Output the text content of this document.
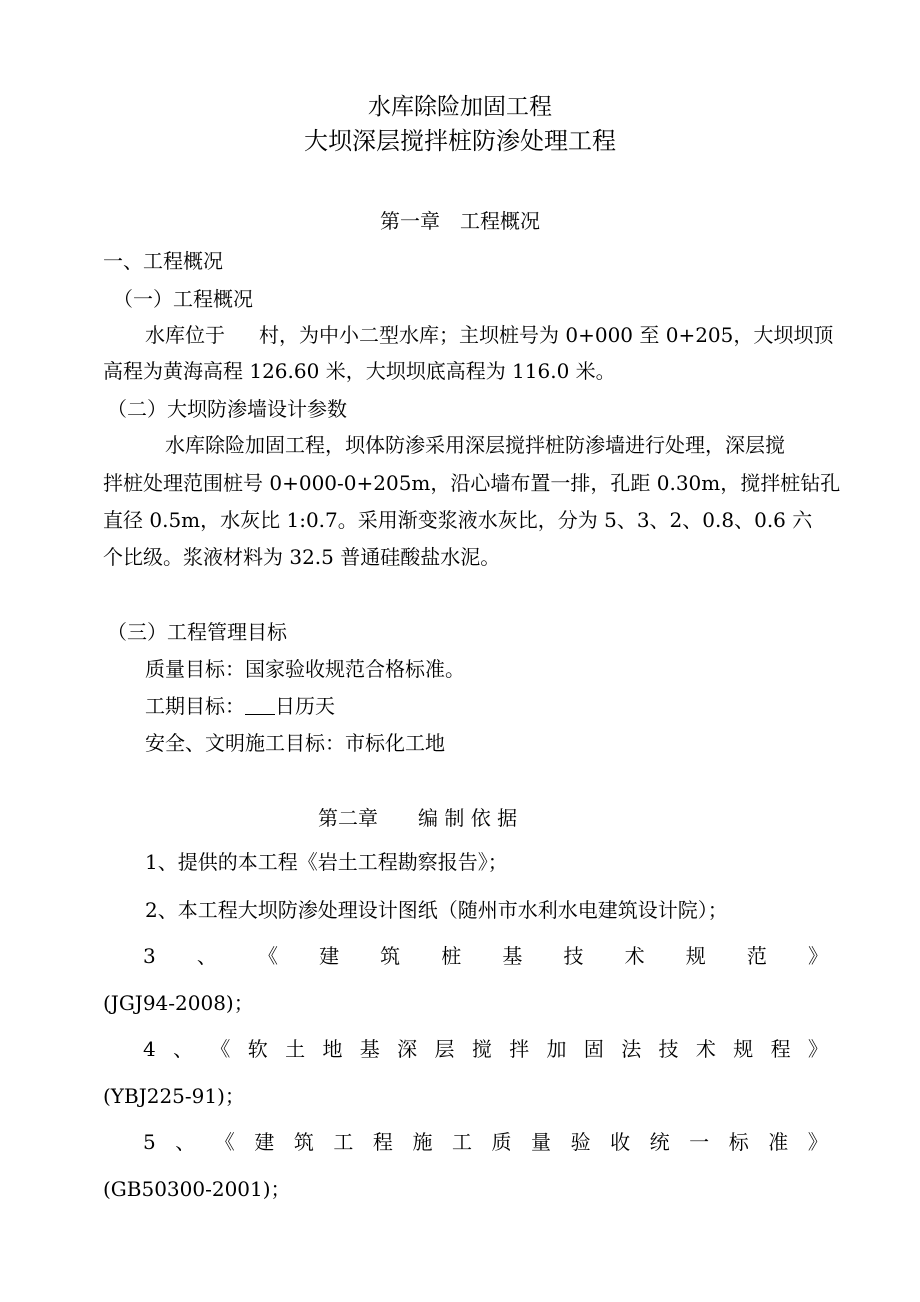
水库除险加固工程
大坝深层搅拌桩防渗处理工程
第一章　工程概况
一、工程概况
（一）工程概况
水库位于 村，为中小二型水库；主坝桩号为 0+000 至 0+205，大坝坝顶
高程为黄海高程 126.60 米，大坝坝底高程为 116.0 米。
（二）大坝防渗墙设计参数
水库除险加固工程，坝体防渗采用深层搅拌桩防渗墙进行处理，深层搅
拌桩处理范围桩号 0+000-0+205m，沿心墙布置一排，孔距 0.30m，搅拌桩钻孔
直径 0.5m，水灰比 1:0.7。采用渐变浆液水灰比，分为 5、3、2、0.8、0.6 六
个比级。浆液材料为 32.5 普通硅酸盐水泥。
（三）工程管理目标
质量目标：国家验收规范合格标准。
工期目标： 日历天
安全、文明施工目标：市标化工地
第二章　　编 制 依 据
1、提供的本工程《岩土工程勘察报告》；
2、本工程大坝防渗处理设计图纸（随州市水利水电建筑设计院）；
3 、 《 建 筑 桩 基 技 术 规 范 》
(JGJ94-2008)；
4 、 《 软 土 地 基 深 层 搅 拌 加 固 法 技 术 规 程 》
(YBJ225-91)；
5 、 《 建 筑 工 程 施 工 质 量 验 收 统 一 标 准 》
(GB50300-2001)；
